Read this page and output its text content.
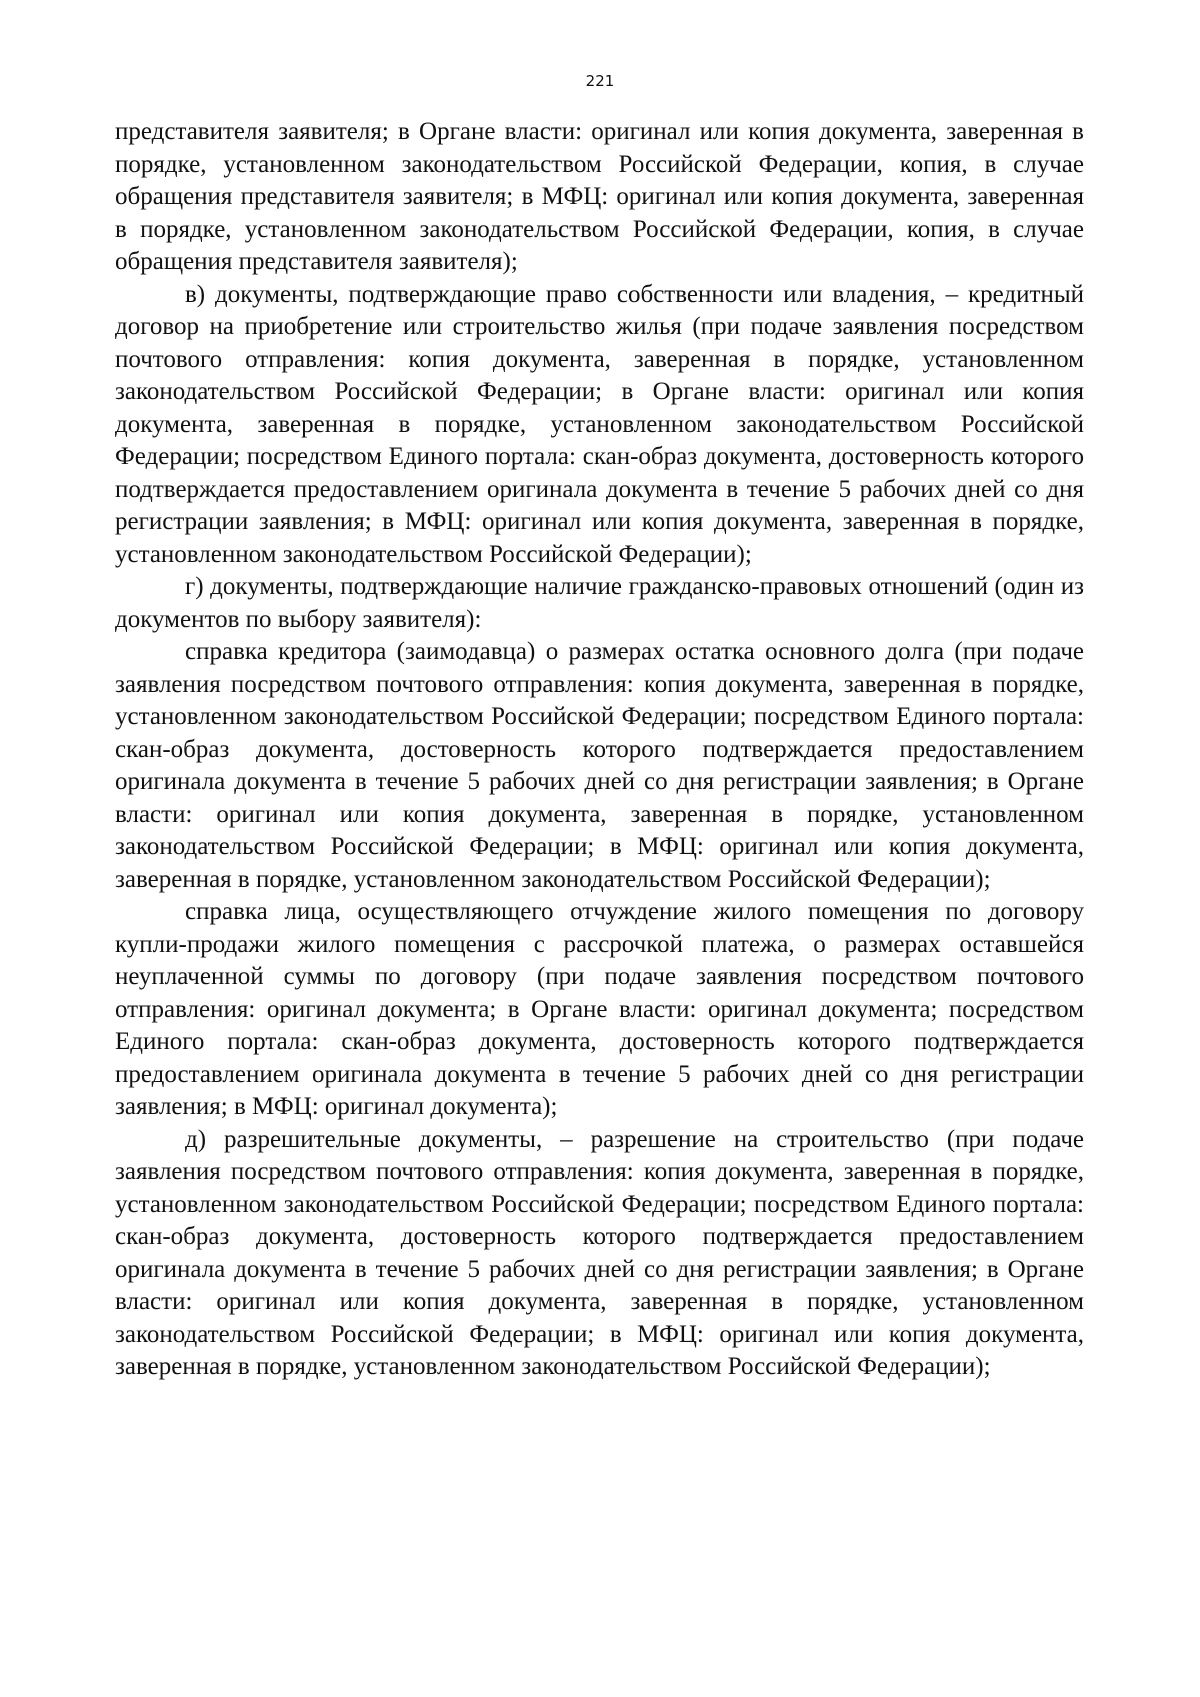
221

представителя заявителя; в Органе власти: оригинал или копия документа, заверенная в порядке, установленном законодательством Российской Федерации, копия, в случае обращения представителя заявителя; в МФЦ: оригинал или копия документа, заверенная в порядке, установленном законодательством Российской Федерации, копия, в случае обращения представителя заявителя);

в) документы, подтверждающие право собственности или владения, – кредитный договор на приобретение или строительство жилья (при подаче заявления посредством почтового отправления: копия документа, заверенная в порядке, установленном законодательством Российской Федерации; в Органе власти: оригинал или копия документа, заверенная в порядке, установленном законодательством Российской Федерации; посредством Единого портала: скан-образ документа, достоверность которого подтверждается предоставлением оригинала документа в течение 5 рабочих дней со дня регистрации заявления; в МФЦ: оригинал или копия документа, заверенная в порядке, установленном законодательством Российской Федерации);

г) документы, подтверждающие наличие гражданско-правовых отношений (один из документов по выбору заявителя):

справка кредитора (заимодавца) о размерах остатка основного долга (при подаче заявления посредством почтового отправления: копия документа, заверенная в порядке, установленном законодательством Российской Федерации; посредством Единого портала: скан-образ документа, достоверность которого подтверждается предоставлением оригинала документа в течение 5 рабочих дней со дня регистрации заявления; в Органе власти: оригинал или копия документа, заверенная в порядке, установленном законодательством Российской Федерации; в МФЦ: оригинал или копия документа, заверенная в порядке, установленном законодательством Российской Федерации);

справка лица, осуществляющего отчуждение жилого помещения по договору купли-продажи жилого помещения с рассрочкой платежа, о размерах оставшейся неуплаченной суммы по договору (при подаче заявления посредством почтового отправления: оригинал документа; в Органе власти: оригинал документа; посредством Единого портала: скан-образ документа, достоверность которого подтверждается предоставлением оригинала документа в течение 5 рабочих дней со дня регистрации заявления; в МФЦ: оригинал документа);

д) разрешительные документы, – разрешение на строительство (при подаче заявления посредством почтового отправления: копия документа, заверенная в порядке, установленном законодательством Российской Федерации; посредством Единого портала: скан-образ документа, достоверность которого подтверждается предоставлением оригинала документа в течение 5 рабочих дней со дня регистрации заявления; в Органе власти: оригинал или копия документа, заверенная в порядке, установленном законодательством Российской Федерации; в МФЦ: оригинал или копия документа, заверенная в порядке, установленном законодательством Российской Федерации);
